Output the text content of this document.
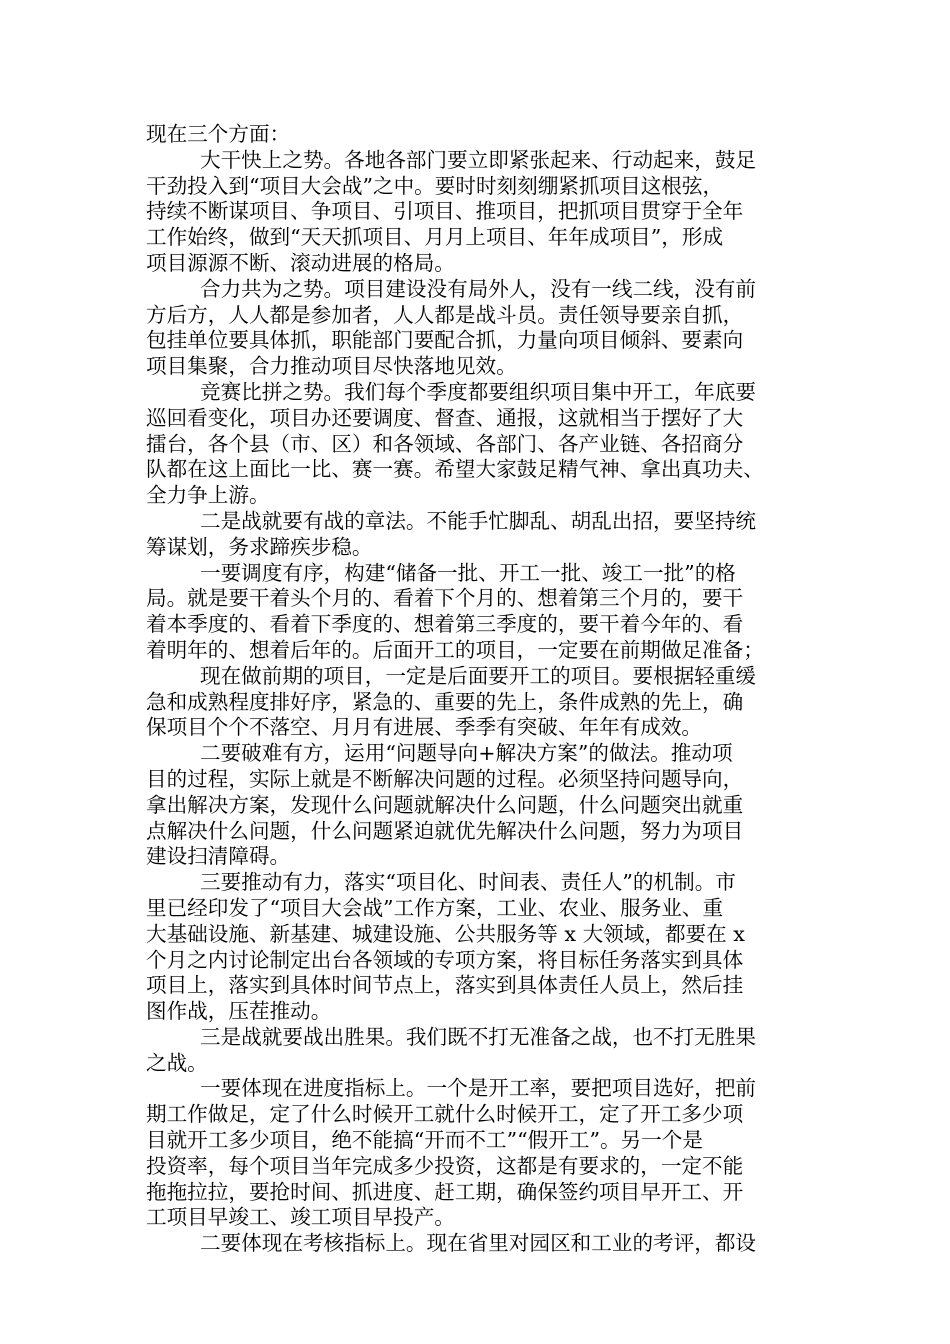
现在三个方面：
大干快上之势。各地各部门要立即紧张起来、行动起来，鼓足
干劲投入到“项目大会战”之中。要时时刻刻绷紧抓项目这根弦，
持续不断谋项目、争项目、引项目、推项目，把抓项目贯穿于全年
工作始终，做到“天天抓项目、月月上项目、年年成项目”，形成
项目源源不断、滚动进展的格局。
合力共为之势。项目建设没有局外人，没有一线二线，没有前
方后方，人人都是参加者，人人都是战斗员。责任领导要亲自抓，
包挂单位要具体抓，职能部门要配合抓，力量向项目倾斜、要素向
项目集聚，合力推动项目尽快落地见效。
竞赛比拼之势。我们每个季度都要组织项目集中开工，年底要
巡回看变化，项目办还要调度、督查、通报，这就相当于摆好了大
擂台，各个县（市、区）和各领域、各部门、各产业链、各招商分
队都在这上面比一比、赛一赛。希望大家鼓足精气神、拿出真功夫、
全力争上游。
二是战就要有战的章法。不能手忙脚乱、胡乱出招，要坚持统
筹谋划，务求蹄疾步稳。
一要调度有序，构建“储备一批、开工一批、竣工一批”的格
局。就是要干着头个月的、看着下个月的、想着第三个月的，要干
着本季度的、看着下季度的、想着第三季度的，要干着今年的、看
着明年的、想着后年的。后面开工的项目，一定要在前期做足准备；
现在做前期的项目，一定是后面要开工的项目。要根据轻重缓
急和成熟程度排好序，紧急的、重要的先上，条件成熟的先上，确
保项目个个不落空、月月有进展、季季有突破、年年有成效。
二要破难有方，运用“问题导向+解决方案”的做法。推动项
目的过程，实际上就是不断解决问题的过程。必须坚持问题导向，
拿出解决方案，发现什么问题就解决什么问题，什么问题突出就重
点解决什么问题，什么问题紧迫就优先解决什么问题，努力为项目
建设扫清障碍。
三要推动有力，落实“项目化、时间表、责任人”的机制。市
里已经印发了“项目大会战”工作方案，工业、农业、服务业、重
大基础设施、新基建、城建设施、公共服务等 x 大领域，都要在 x
个月之内讨论制定出台各领域的专项方案，将目标任务落实到具体
项目上，落实到具体时间节点上，落实到具体责任人员上，然后挂
图作战，压茬推动。
三是战就要战出胜果。我们既不打无准备之战，也不打无胜果
之战。
一要体现在进度指标上。一个是开工率，要把项目选好，把前
期工作做足，定了什么时候开工就什么时候开工，定了开工多少项
目就开工多少项目，绝不能搞“开而不工”“假开工”。另一个是
投资率，每个项目当年完成多少投资，这都是有要求的，一定不能
拖拖拉拉，要抢时间、抓进度、赶工期，确保签约项目早开工、开
工项目早竣工、竣工项目早投产。
二要体现在考核指标上。现在省里对园区和工业的考评，都设
